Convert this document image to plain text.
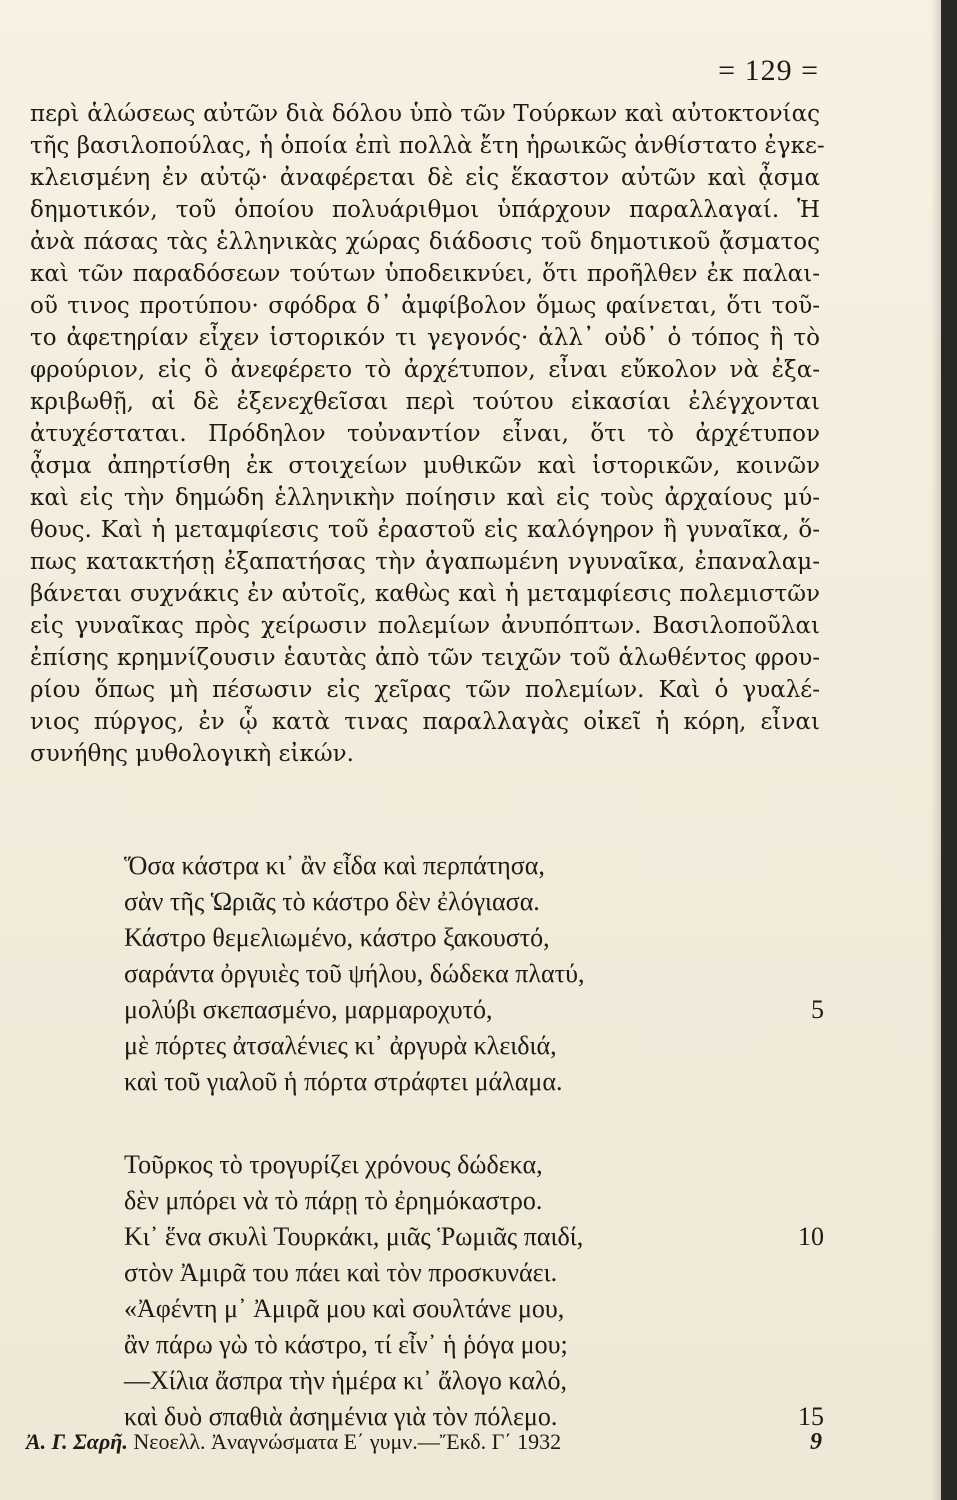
= 129 =
περὶ ἁλώσεως αὐτῶν διὰ δόλου ὑπὸ τῶν Τούρκων καὶ αὐτοκτονίας
τῆς βασιλοπούλας, ἡ ὁποία ἐπὶ πολλὰ ἔτη ἡρωικῶς ἀνθίστατο ἐγκε-
κλεισμένη ἐν αὐτῷ· ἀναφέρεται δὲ εἰς ἕκαστον αὐτῶν καὶ ᾆσμα
δημοτικόν, τοῦ ὁποίου πολυάριθμοι ὑπάρχουν παραλλαγαί. Ἡ
ἀνὰ πάσας τὰς ἑλληνικὰς χώρας διάδοσις τοῦ δημοτικοῦ ᾄσματος
καὶ τῶν παραδόσεων τούτων ὑποδεικνύει, ὅτι προῆλθεν ἐκ παλαι-
οῦ τινος προτύπου· σφόδρα δ᾽ ἀμφίβολον ὅμως φαίνεται, ὅτι τοῦ-
το ἀφετηρίαν εἶχεν ἱστορικόν τι γεγονός· ἀλλ᾽ οὐδ᾽ ὁ τόπος ἢ τὸ
φρούριον, εἰς ὃ ἀνεφέρετο τὸ ἀρχέτυπον, εἶναι εὔκολον νὰ ἐξα-
κριβωθῇ, αἱ δὲ ἐξενεχθεῖσαι περὶ τούτου εἰκασίαι ἐλέγχονται
ἀτυχέσταται. Πρόδηλον τοὐναντίον εἶναι, ὅτι τὸ ἀρχέτυπον
ᾆσμα ἀπηρτίσθη ἐκ στοιχείων μυθικῶν καὶ ἱστορικῶν, κοινῶν
καὶ εἰς τὴν δημώδη ἑλληνικὴν ποίησιν καὶ εἰς τοὺς ἀρχαίους μύ-
θους. Καὶ ἡ μεταμφίεσις τοῦ ἐραστοῦ εἰς καλόγηρον ἢ γυναῖκα, ὅ-
πως κατακτήσῃ ἐξαπατήσας τὴν ἀγαπωμένη νγυναῖκα, ἐπαναλαμ-
βάνεται συχνάκις ἐν αὐτοῖς, καθὼς καὶ ἡ μεταμφίεσις πολεμιστῶν
εἰς γυναῖκας πρὸς χείρωσιν πολεμίων ἀνυπόπτων. Βασιλοποῦλαι
ἐπίσης κρημνίζουσιν ἑαυτὰς ἀπὸ τῶν τειχῶν τοῦ ἁλωθέντος φρου-
ρίου ὅπως μὴ πέσωσιν εἰς χεῖρας τῶν πολεμίων. Καὶ ὁ γυαλέ-
νιος πύργος, ἐν ᾧ κατὰ τινας παραλλαγὰς οἰκεῖ ἡ κόρη, εἶναι
συνήθης μυθολογικὴ εἰκών.
Ὅσα κάστρα κι᾽ ἂν εἶδα καὶ περπάτησα,
σὰν τῆς Ὡριᾶς τὸ κάστρο δὲν ἐλόγιασα.
Κάστρο θεμελιωμένο, κάστρο ξακουστό,
σαράντα ὀργυιὲς τοῦ ψήλου, δώδεκα πλατύ,
μολύβι σκεπασμένο, μαρμαροχυτό,	5
μὲ πόρτες ἀτσαλένιες κι᾽ ἀργυρὰ κλειδιά,
καὶ τοῦ γιαλοῦ ἡ πόρτα στράφτει μάλαμα.
Τοῦρκος τὸ τρογυρίζει χρόνους δώδεκα,
δὲν μπόρει νὰ τὸ πάρῃ τὸ ἐρημόκαστρο.
Κι᾽ ἕνα σκυλὶ Τουρκάκι, μιᾶς Ῥωμιᾶς παιδί,	10
στὸν Ἀμιρᾶ του πάει καὶ τὸν προσκυνάει.
«Ἀφέντη μ᾽ Ἀμιρᾶ μου καὶ σουλτάνε μου,
ἂν πάρω γὼ τὸ κάστρο, τί εἶν᾽ ἡ ῥόγα μου;
—Χίλια ἄσπρα τὴν ἡμέρα κι᾽ ἄλογο καλό,
καὶ δυὸ σπαθιὰ ἀσημένια γιὰ τὸν πόλεμο.	15
Ἀ. Γ. Σαρῆ. Νεοελλ. Ἀναγνώσματα Ε΄ γυμν.—Ἔκδ. Γ΄ 1932	9
